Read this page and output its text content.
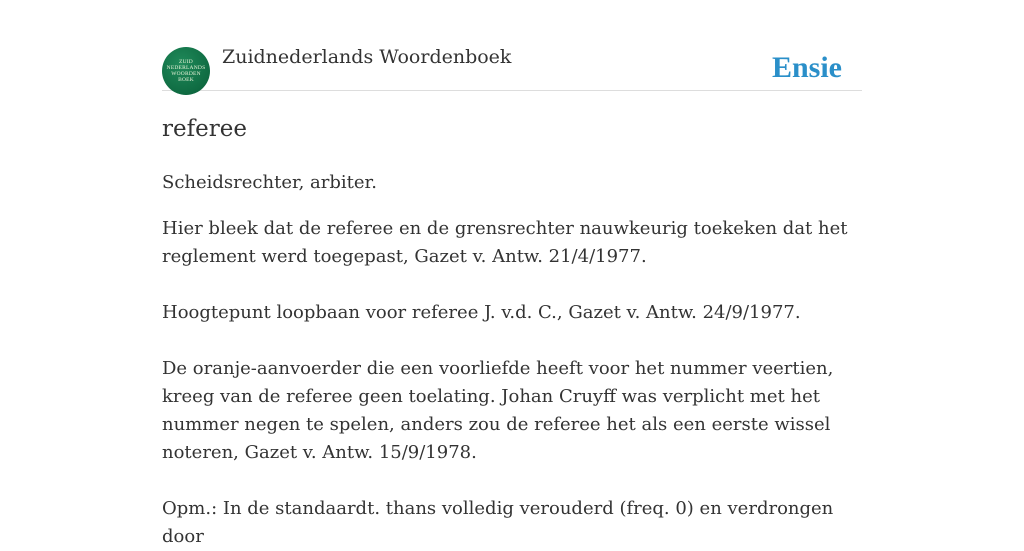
ZUID
NEDERLANDS
WOORDEN
BOEK
Zuidnederlands Woordenboek	Ensie
referee

Scheidsrechter, arbiter.

Hier bleek dat de referee en de grensrechter nauwkeurig toekeken dat het reglement werd toegepast, Gazet v. Antw. 21/4/1977.

Hoogtepunt loopbaan voor referee J. v.d. C., Gazet v. Antw. 24/9/1977.

De oranje-aanvoerder die een voorliefde heeft voor het nummer veertien, kreeg van de referee geen toelating. Johan Cruyff was verplicht met het nummer negen te spelen, anders zou de referee het als een eerste wissel noteren, Gazet v. Antw. 15/9/1978.

Opm.: In de standaardt. thans volledig verouderd (freq. 0) en verdrongen door
